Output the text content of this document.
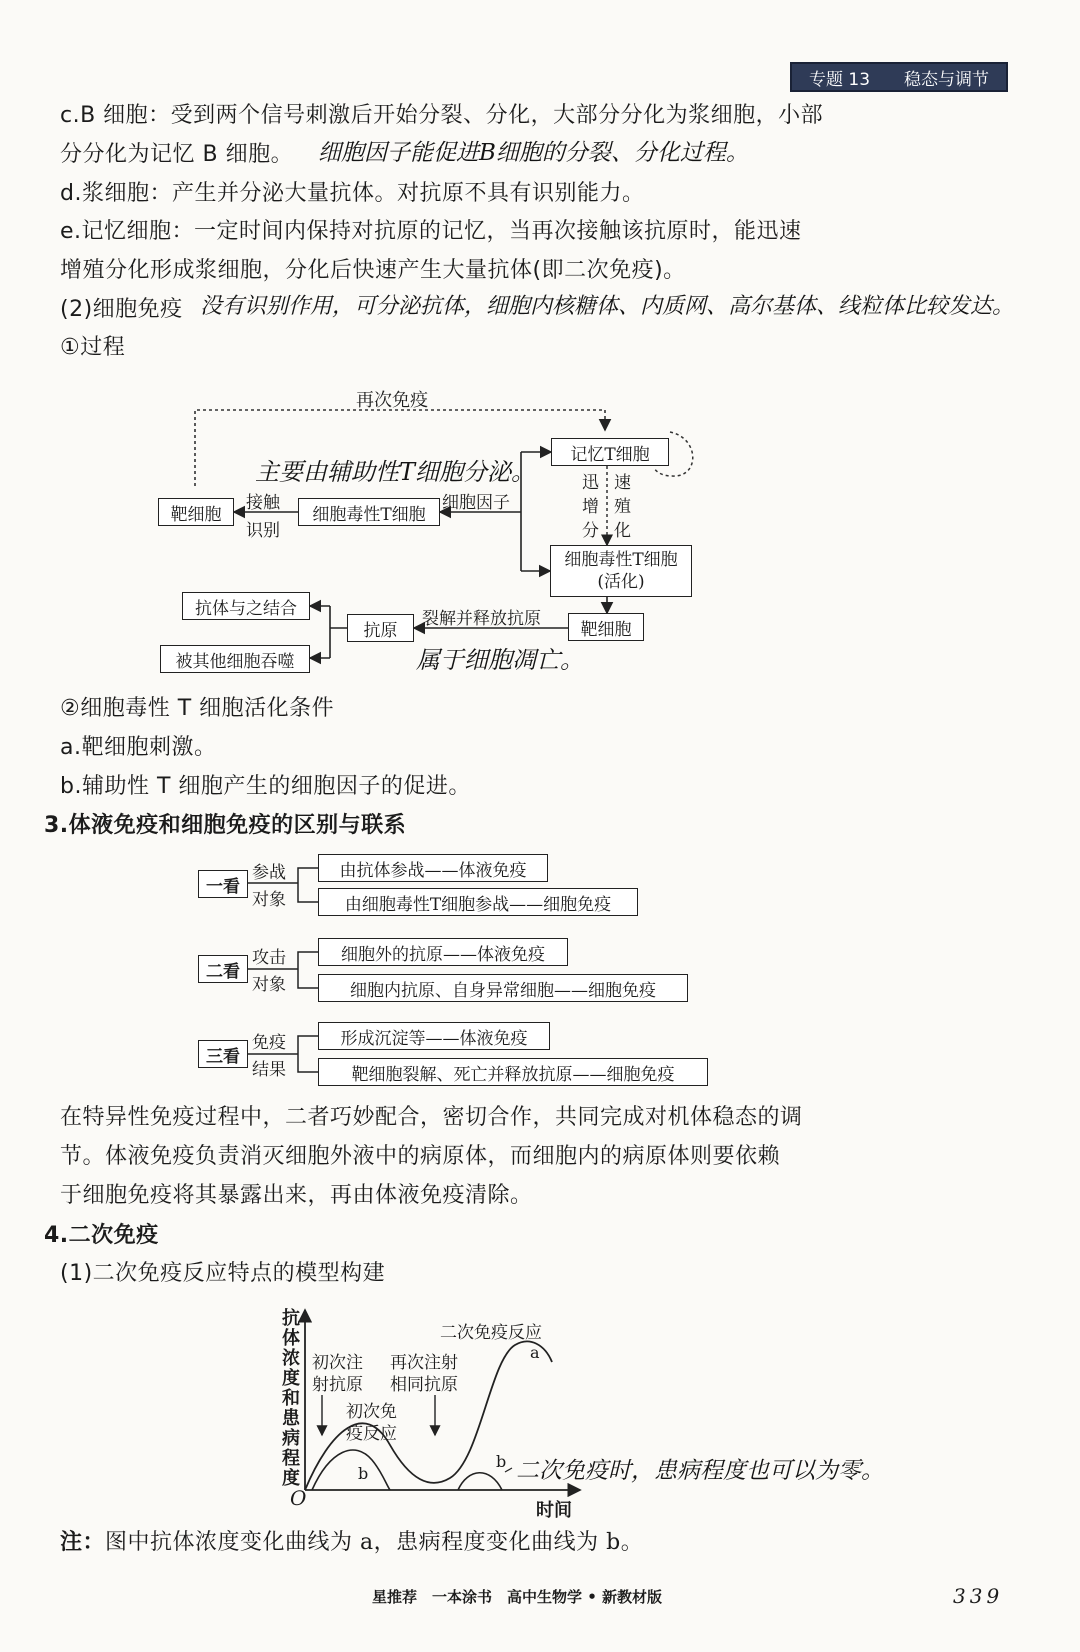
专题 13 稳态与调节
c.B 细胞：受到两个信号刺激后开始分裂、分化，大部分分化为浆细胞，小部
分分化为记忆 B 细胞。 细胞因子能促进B细胞的分裂、分化过程。
d.浆细胞：产生并分泌大量抗体。对抗原不具有识别能力。
e.记忆细胞：一定时间内保持对抗原的记忆，当再次接触该抗原时，能迅速
增殖分化形成浆细胞，分化后快速产生大量抗体(即二次免疫)。
(2)细胞免疫 没有识别作用，可分泌抗体，细胞内核糖体、内质网、高尔基体、线粒体比较发达。
①过程
再次免疫
主要由辅助性T细胞分泌。
记忆T细胞
迅
增
分
速
殖
化
靶细胞
接触
识别
细胞毒性T细胞
细胞因子
细胞毒性T细胞
(活化)
抗体与之结合
被其他细胞吞噬
抗原
裂解并释放抗原
靶细胞
属于细胞凋亡。
②细胞毒性 T 细胞活化条件
a.靶细胞刺激。
b.辅助性 T 细胞产生的细胞因子的促进。
3.体液免疫和细胞免疫的区别与联系
一看
参战
对象
由抗体参战——体液免疫
由细胞毒性T细胞参战——细胞免疫
二看
攻击
对象
细胞外的抗原——体液免疫
细胞内抗原、自身异常细胞——细胞免疫
三看
免疫
结果
形成沉淀等——体液免疫
靶细胞裂解、死亡并释放抗原——细胞免疫
在特异性免疫过程中，二者巧妙配合，密切合作，共同完成对机体稳态的调
节。体液免疫负责消灭细胞外液中的病原体，而细胞内的病原体则要依赖
于细胞免疫将其暴露出来，再由体液免疫清除。
4.二次免疫
(1)二次免疫反应特点的模型构建
抗体浓度和患病程度
时间
O
初次注
射抗原
再次注射
相同抗原
初次免
疫反应
二次免疫反应
a
b
b 二次免疫时，患病程度也可以为零。
注：图中抗体浓度变化曲线为 a，患病程度变化曲线为 b。
星推荐　一本涂书　高中生物学 • 新教材版	339
